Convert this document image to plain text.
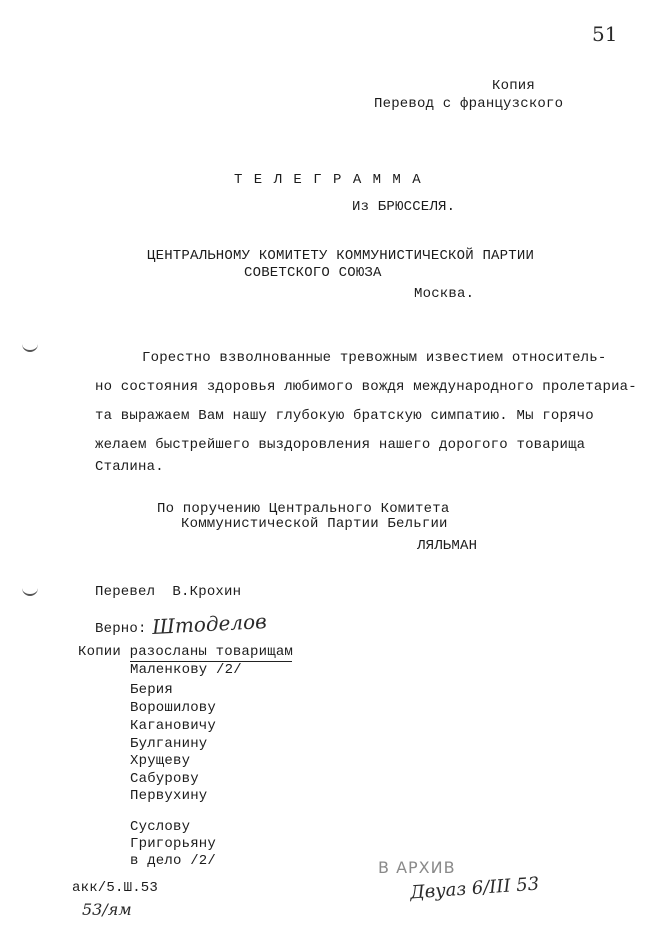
51
Копия
Перевод с французского
Т Е Л Е Г Р А М М А
Из БРЮССЕЛЯ.
ЦЕНТРАЛЬНОМУ КОМИТЕТУ КОММУНИСТИЧЕСКОЙ ПАРТИИ
СОВЕТСКОГО СОЮЗА
Москва.
Горестно взволнованные тревожным известием относитель-
но состояния здоровья любимого вождя международного пролетариа-
та выражаем Вам нашу глубокую братскую симпатию. Мы горячо
желаем быстрейшего выздоровления нашего дорогого товарища
Сталина.
По поручению Центрального Комитета
Коммунистической Партии Бельгии
ЛЯЛЬМАН
Перевел  В.Крохин
Верно: Штоделов
Копии разосланы товарищам
Маленкову /2/
Берия
Ворошилову
Кагановичу
Булганину
Хрущеву
Сабурову
Первухину
Суслову
Григорьяну
в дело /2/
акк/5.Ш.53
53/ям
В АРХИВ
Двуаз 6/III 53
